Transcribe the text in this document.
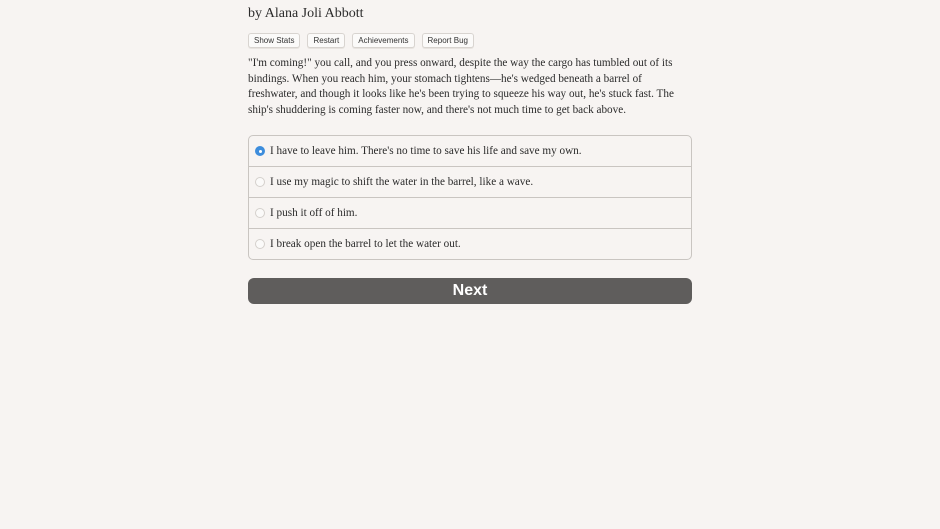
by Alana Joli Abbott
Show Stats	Restart	Achievements	Report Bug
"I'm coming!" you call, and you press onward, despite the way the cargo has tumbled out of its bindings. When you reach him, your stomach tightens—he's wedged beneath a barrel of freshwater, and though it looks like he's been trying to squeeze his way out, he's stuck fast. The ship's shuddering is coming faster now, and there's not much time to get back above.
I have to leave him. There's no time to save his life and save my own.
I use my magic to shift the water in the barrel, like a wave.
I push it off of him.
I break open the barrel to let the water out.
Next
